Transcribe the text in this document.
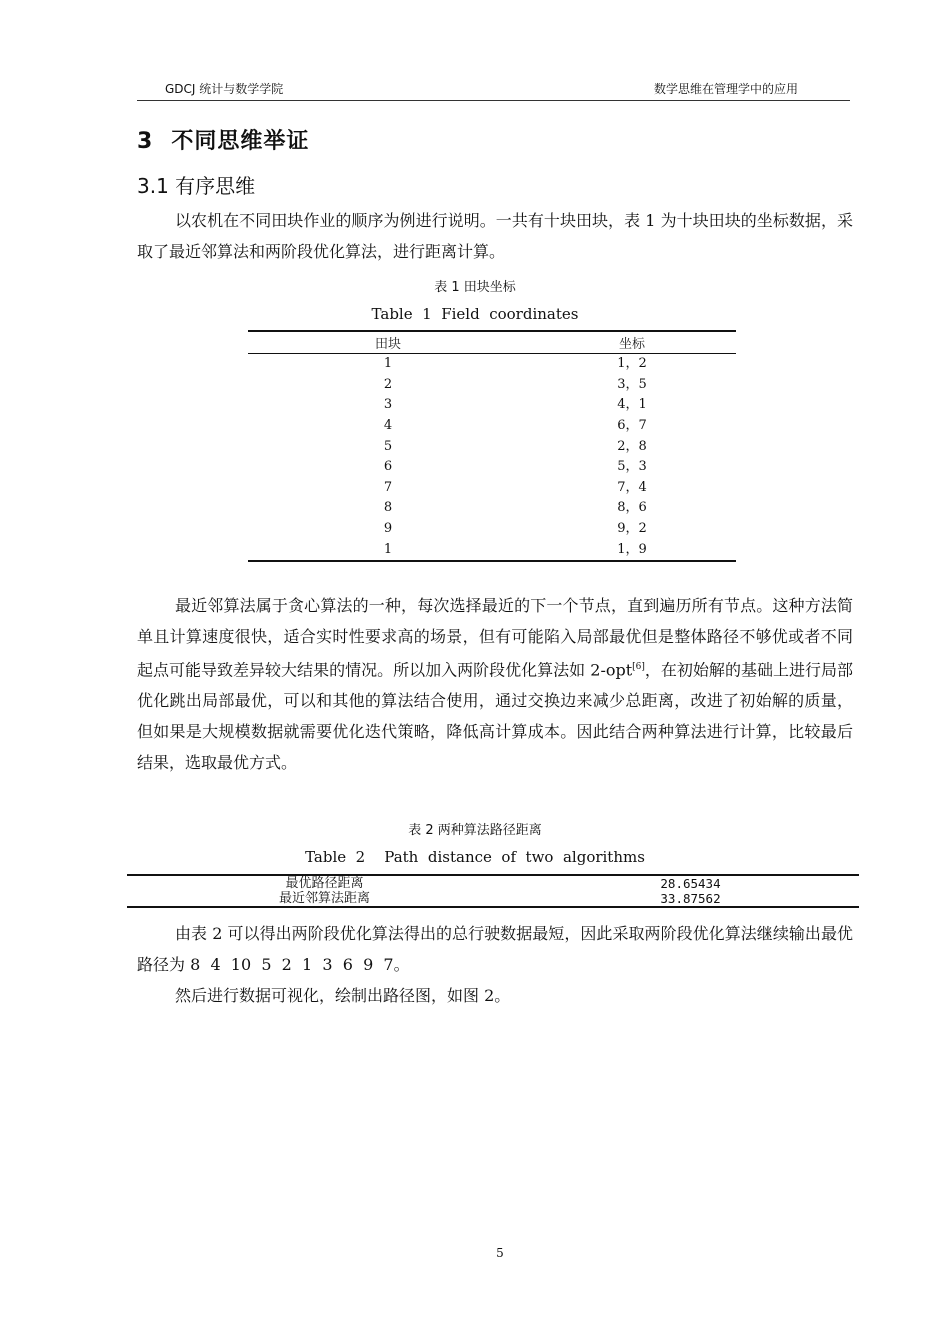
GDCJ 统计与数学学院	数学思维在管理学中的应用
3 不同思维举证
3.1 有序思维
以农机在不同田块作业的顺序为例进行说明。一共有十块田块，表 1 为十块田块的坐标数据，采取了最近邻算法和两阶段优化算法，进行距离计算。
表 1 田块坐标
Table  1  Field  coordinates
田块	坐标
1	1，2
2	3，5
3	4，1
4	6，7
5	2，8
6	5，3
7	7，4
8	8，6
9	9，2
1	1，9
最近邻算法属于贪心算法的一种，每次选择最近的下一个节点，直到遍历所有节点。这种方法简单且计算速度很快，适合实时性要求高的场景，但有可能陷入局部最优但是整体路径不够优或者不同起点可能导致差异较大结果的情况。所以加入两阶段优化算法如 2-opt[6]，在初始解的基础上进行局部优化跳出局部最优，可以和其他的算法结合使用，通过交换边来减少总距离，改进了初始解的质量，但如果是大规模数据就需要优化迭代策略，降低高计算成本。因此结合两种算法进行计算，比较最后结果，选取最优方式。
表 2 两种算法路径距离
Table  2    Path  distance  of  two  algorithms
最优路径距离	28.65434
最近邻算法距离	33.87562
由表 2 可以得出两阶段优化算法得出的总行驶数据最短，因此采取两阶段优化算法继续输出最优路径为 8  4  10  5  2  1  3  6  9  7。
然后进行数据可视化，绘制出路径图，如图 2。
5
